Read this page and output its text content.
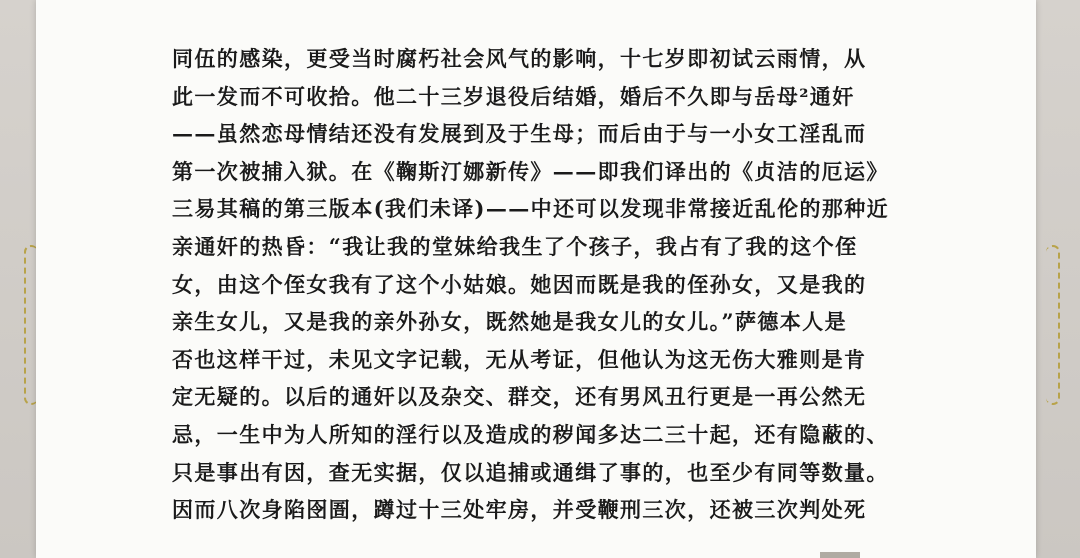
同伍的感染，更受当时腐朽社会风气的影响，十七岁即初试云雨情，从
此一发而不可收拾。他二十三岁退役后结婚，婚后不久即与岳母²通奸
——虽然恋母情结还没有发展到及于生母；而后由于与一小女工淫乱而
第一次被捕入狱。在《鞠斯汀娜新传》——即我们译出的《贞洁的厄运》
三易其稿的第三版本(我们未译)——中还可以发现非常接近乱伦的那种近
亲通奸的热昏：“我让我的堂妹给我生了个孩子，我占有了我的这个侄
女，由这个侄女我有了这个小姑娘。她因而既是我的侄孙女，又是我的
亲生女儿，又是我的亲外孙女，既然她是我女儿的女儿。”萨德本人是
否也这样干过，未见文字记载，无从考证，但他认为这无伤大雅则是肯
定无疑的。以后的通奸以及杂交、群交，还有男风丑行更是一再公然无
忌，一生中为人所知的淫行以及造成的秽闻多达二三十起，还有隐蔽的、
只是事出有因，查无实据，仅以追捕或通缉了事的，也至少有同等数量。
因而八次身陷囹圄，蹲过十三处牢房，并受鞭刑三次，还被三次判处死
